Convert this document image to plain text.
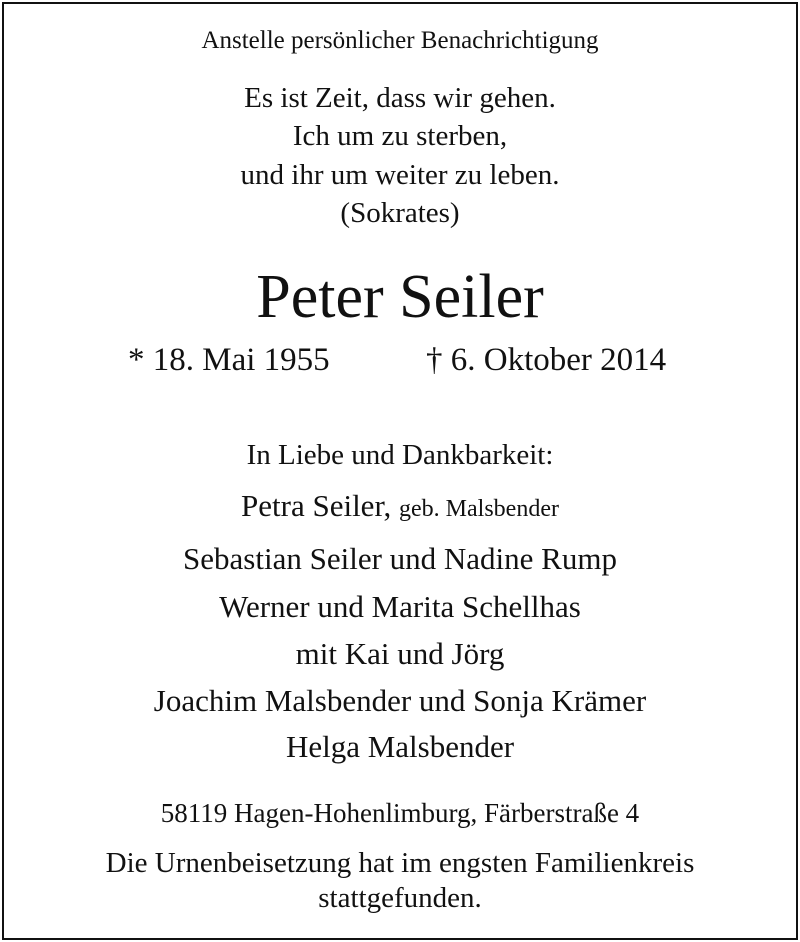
Anstelle persönlicher Benachrichtigung
Es ist Zeit, dass wir gehen.
Ich um zu sterben,
und ihr um weiter zu leben.
(Sokrates)
Peter Seiler
* 18. Mai 1955	† 6. Oktober 2014
In Liebe und Dankbarkeit:
Petra Seiler, geb. Malsbender
Sebastian Seiler und Nadine Rump
Werner und Marita Schellhas
mit Kai und Jörg
Joachim Malsbender und Sonja Krämer
Helga Malsbender
58119 Hagen-Hohenlimburg, Färberstraße 4
Die Urnenbeisetzung hat im engsten Familienkreis
stattgefunden.
